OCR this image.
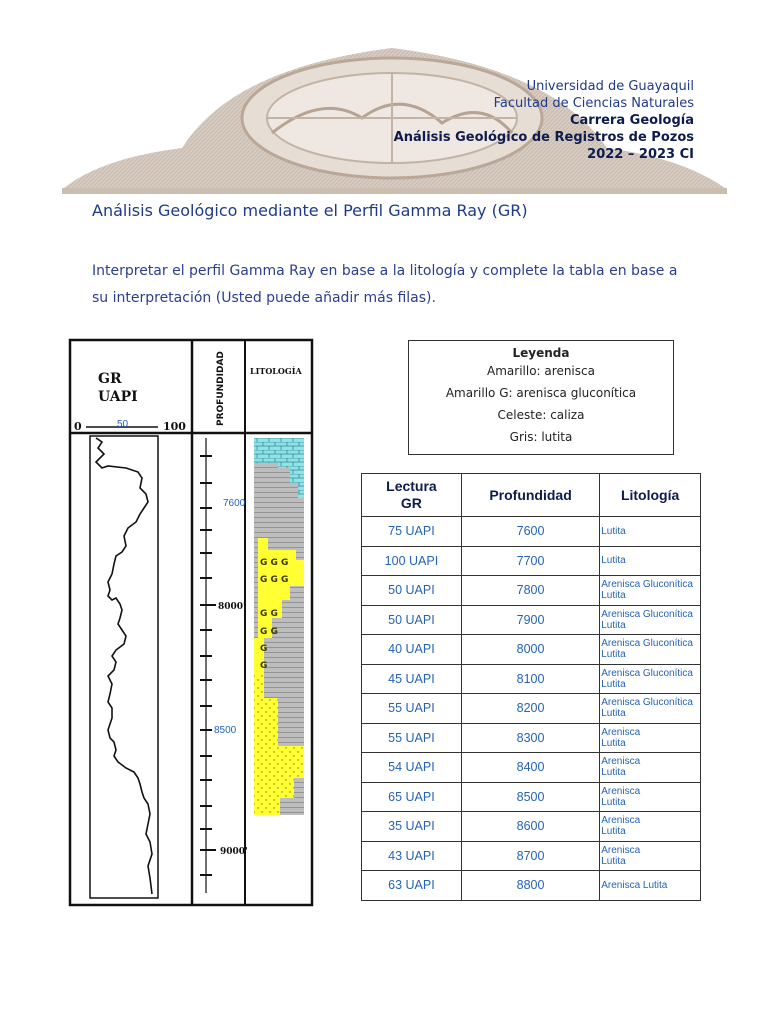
Universidad de Guayaquil
Facultad de Ciencias Naturales
Carrera Geología
Análisis Geológico de Registros de Pozos
2022 – 2023 CI
Análisis Geológico mediante el Perfil Gamma Ray (GR)
Interpretar el perfil Gamma Ray en base a la litología y complete la tabla en base a su interpretación (Usted puede añadir más filas).
GR
UAPI
0	50	100
PROFUNDIDAD	LITOLOGÍA
7600
8000'
8500
9000'
G G G
G G G
G G
G G
G
G
Leyenda
Amarillo: arenisca
Amarillo G: arenisca gluconítica
Celeste: caliza
Gris: lutita
Lectura GR	Profundidad	Litología
75 UAPI	7600	Lutita
100 UAPI	7700	Lutita
50 UAPI	7800	Arenisca Gluconítica
Lutita
50 UAPI	7900	Arenisca Gluconítica
Lutita
40 UAPI	8000	Arenisca Gluconítica
Lutita
45 UAPI	8100	Arenisca Gluconítica
Lutita
55 UAPI	8200	Arenisca Gluconítica
Lutita
55 UAPI	8300	Arenisca
Lutita
54 UAPI	8400	Arenisca
Lutita
65 UAPI	8500	Arenisca
Lutita
35 UAPI	8600	Arenisca
Lutita
43 UAPI	8700	Arenisca
Lutita
63 UAPI	8800	Arenisca Lutita
